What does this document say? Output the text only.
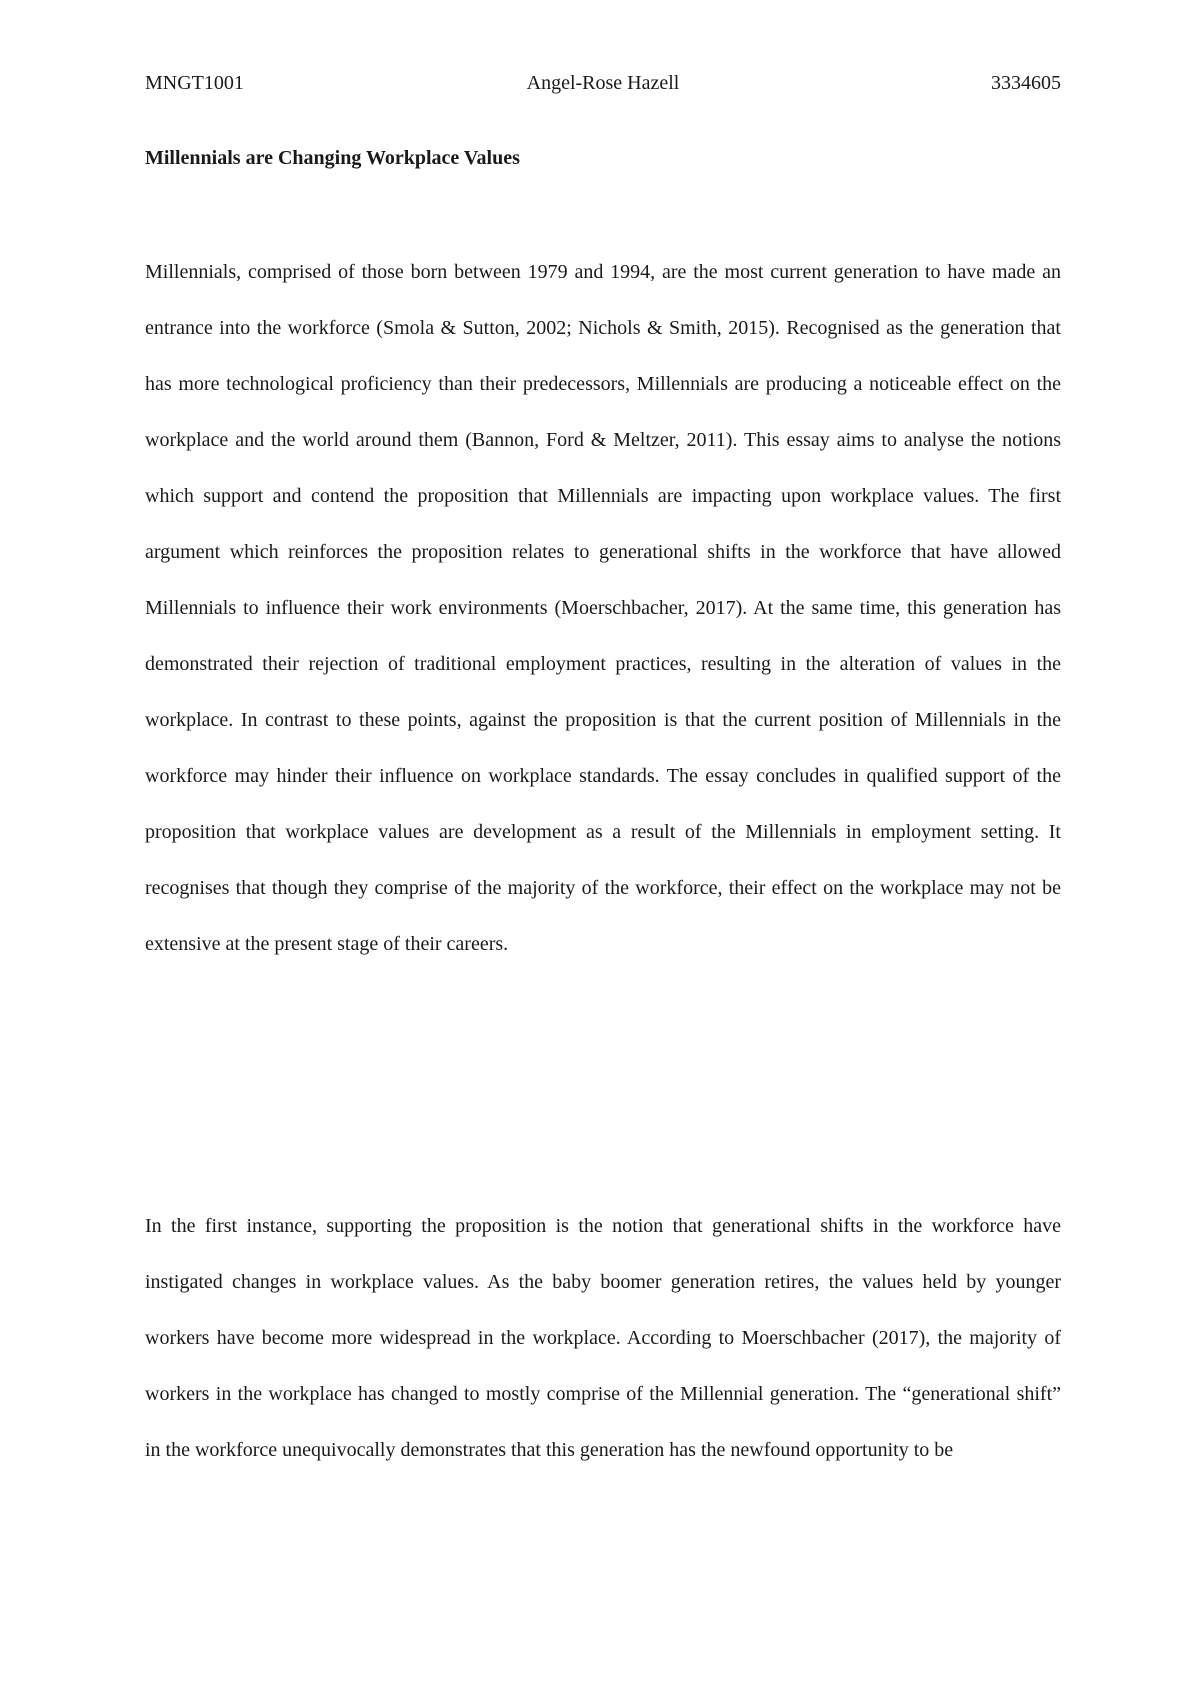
MNGT1001	Angel-Rose Hazell	3334605
Millennials are Changing Workplace Values

Millennials, comprised of those born between 1979 and 1994, are the most current generation to have made an entrance into the workforce (Smola & Sutton, 2002; Nichols & Smith, 2015). Recognised as the generation that has more technological proficiency than their predecessors, Millennials are producing a noticeable effect on the workplace and the world around them (Bannon, Ford & Meltzer, 2011). This essay aims to analyse the notions which support and contend the proposition that Millennials are impacting upon workplace values. The first argument which reinforces the proposition relates to generational shifts in the workforce that have allowed Millennials to influence their work environments (Moerschbacher, 2017). At the same time, this generation has demonstrated their rejection of traditional employment practices, resulting in the alteration of values in the workplace. In contrast to these points, against the proposition is that the current position of Millennials in the workforce may hinder their influence on workplace standards. The essay concludes in qualified support of the proposition that workplace values are development as a result of the Millennials in employment setting. It recognises that though they comprise of the majority of the workforce, their effect on the workplace may not be extensive at the present stage of their careers.

In the first instance, supporting the proposition is the notion that generational shifts in the workforce have instigated changes in workplace values. As the baby boomer generation retires, the values held by younger workers have become more widespread in the workplace. According to Moerschbacher (2017), the majority of workers in the workplace has changed to mostly comprise of the Millennial generation. The “generational shift” in the workforce unequivocally demonstrates that this generation has the newfound opportunity to be
